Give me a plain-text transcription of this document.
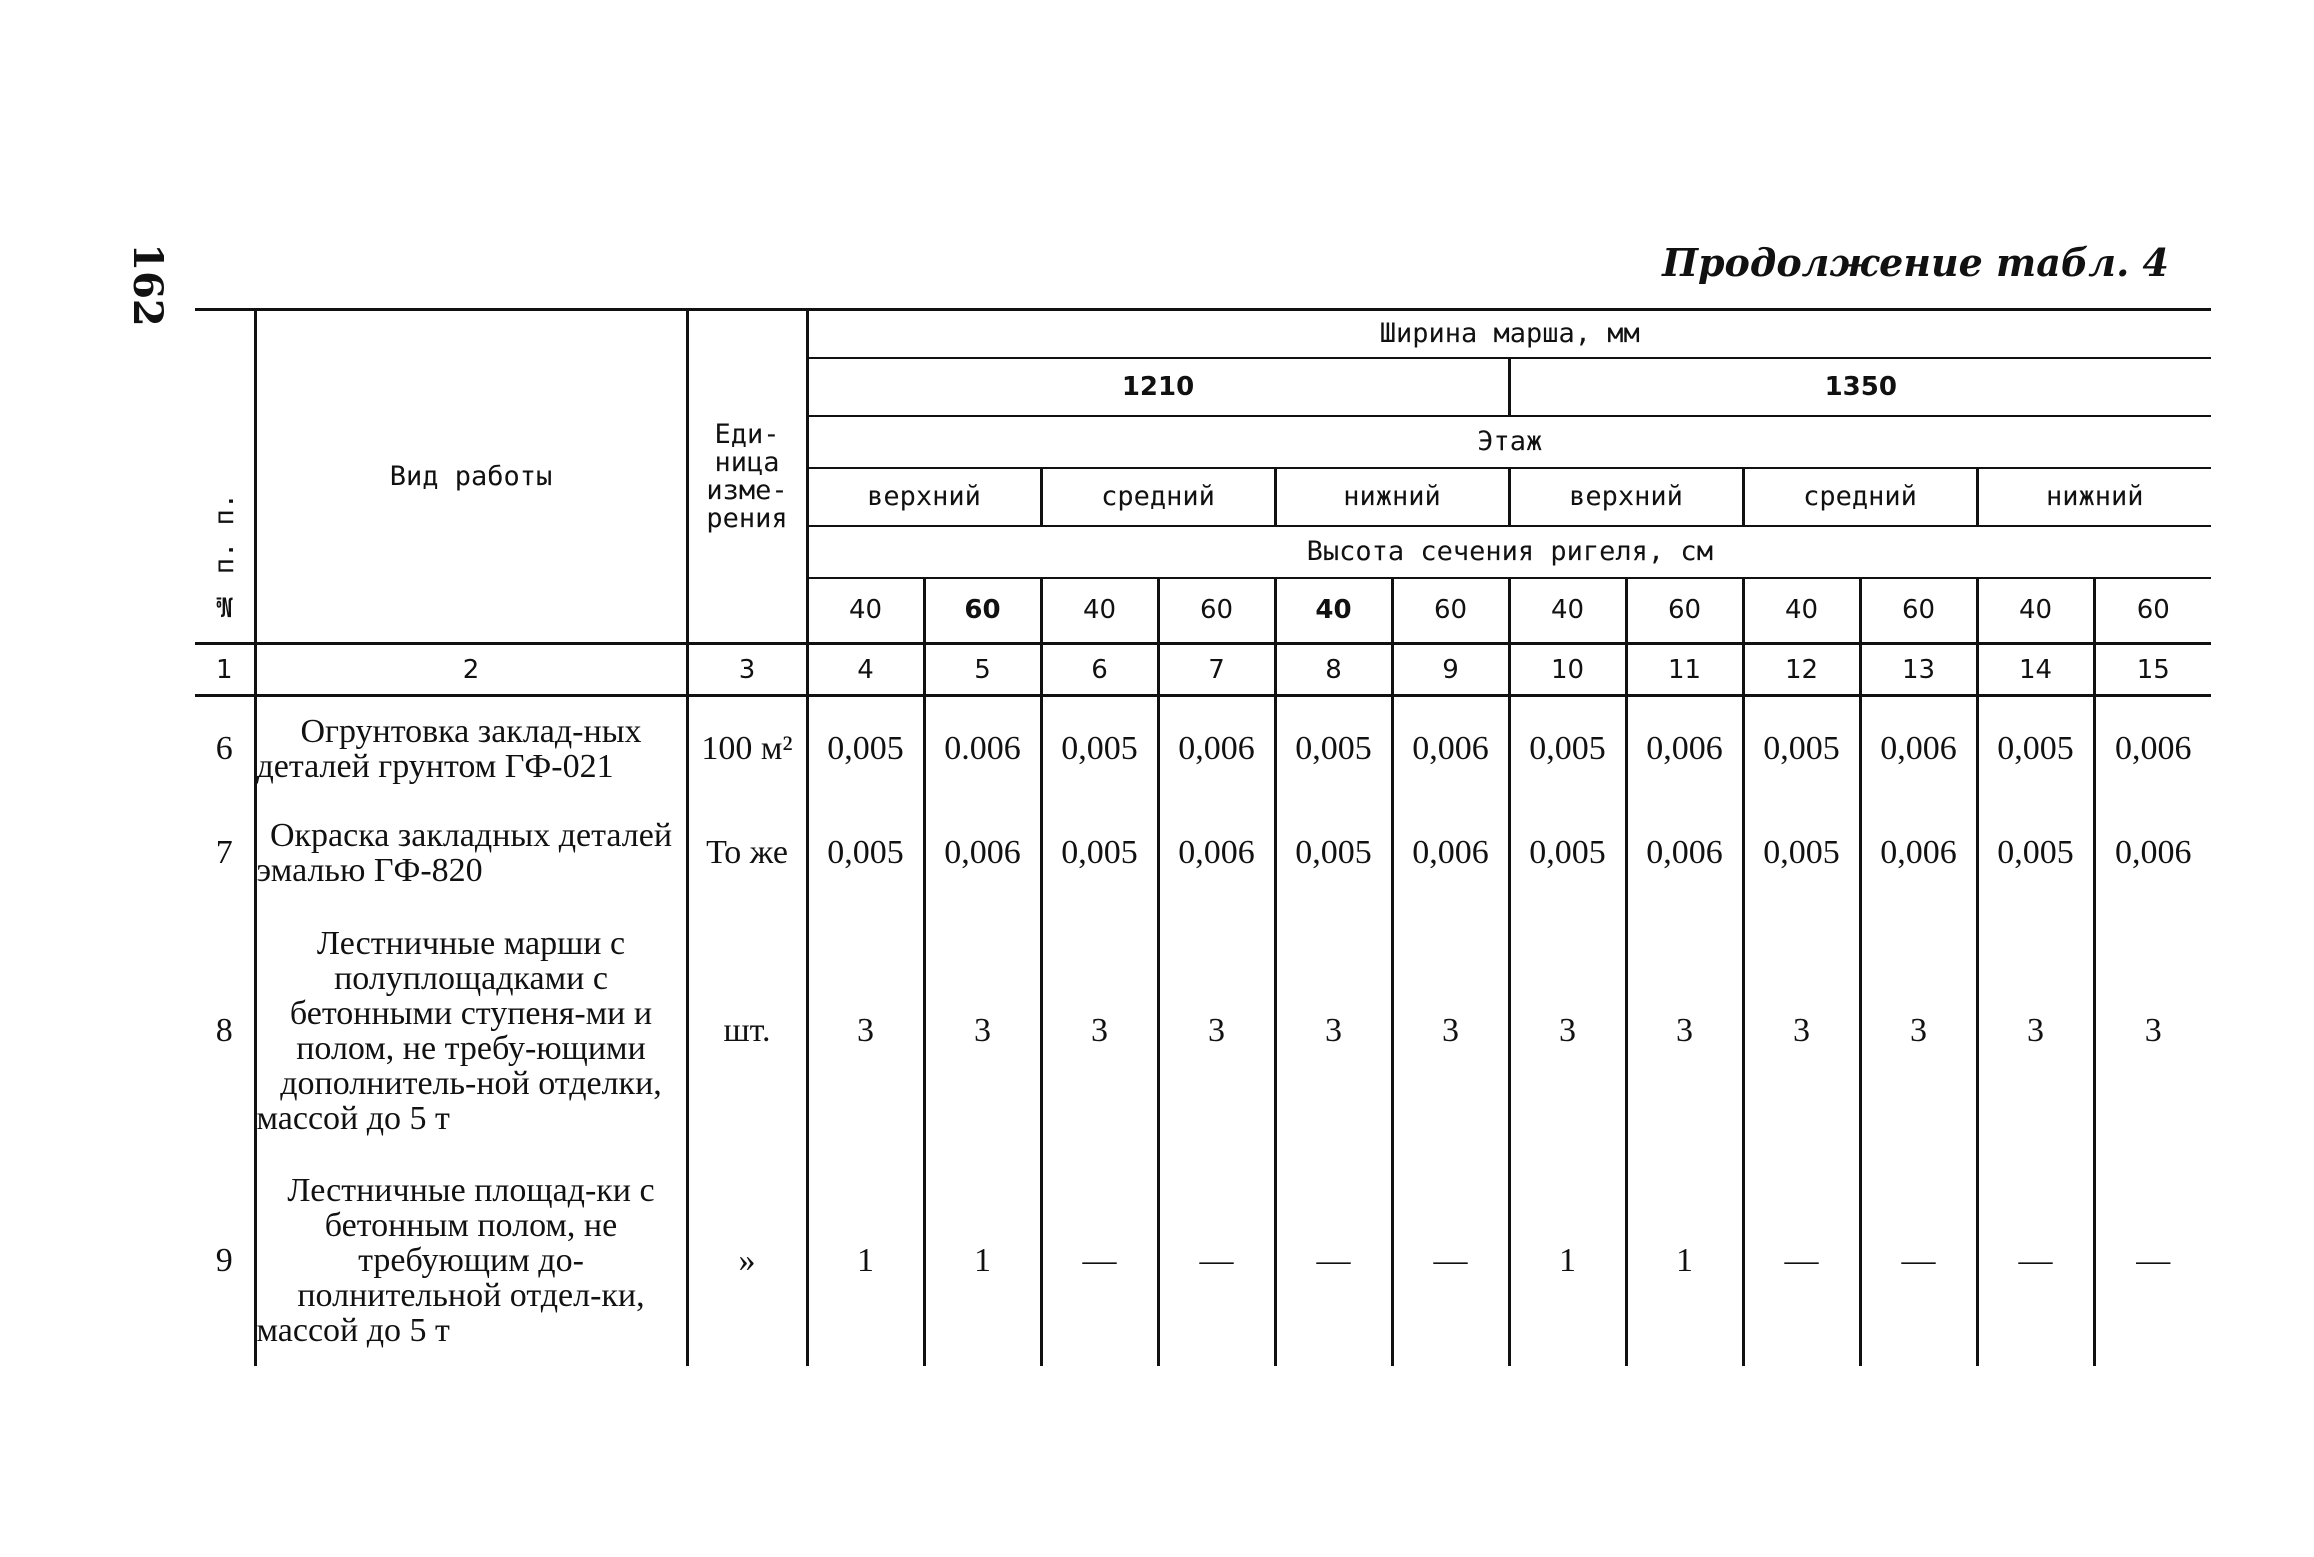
162	Продолжение табл. 4
№ п. п.	Вид работы	Еди-
ница
изме-
рения	Ширина марша, мм											
			1210						1350					
			Этаж											
			верхний		средний		нижний		верхний		средний		нижний	
			Высота сечения ригеля, см											
			40	60	40	60	40	60	40	60	40	60	40	60
1	2	3	4	5	6	7	8	9	10	11	12	13	14	15
6	Огрунтовка заклад-ных деталей грунтом ГФ-021	100 м²	0,005	0.006	0,005	0,006	0,005	0,006	0,005	0,006	0,005	0,006	0,005	0,006
7	Окраска закладных деталей эмалью ГФ-820	То же	0,005	0,006	0,005	0,006	0,005	0,006	0,005	0,006	0,005	0,006	0,005	0,006
8	Лестничные марши с полуплощадками с бетонными ступеня-ми и полом, не требу-ющими дополнитель-ной отделки, массой до 5 т	шт.	3	3	3	3	3	3	3	3	3	3	3	3
9	Лестничные площад-ки с бетонным полом, не требующим до-полнительной отдел-ки, массой до 5 т	»	1	1	—	—	—	—	1	1	—	—	—	—
